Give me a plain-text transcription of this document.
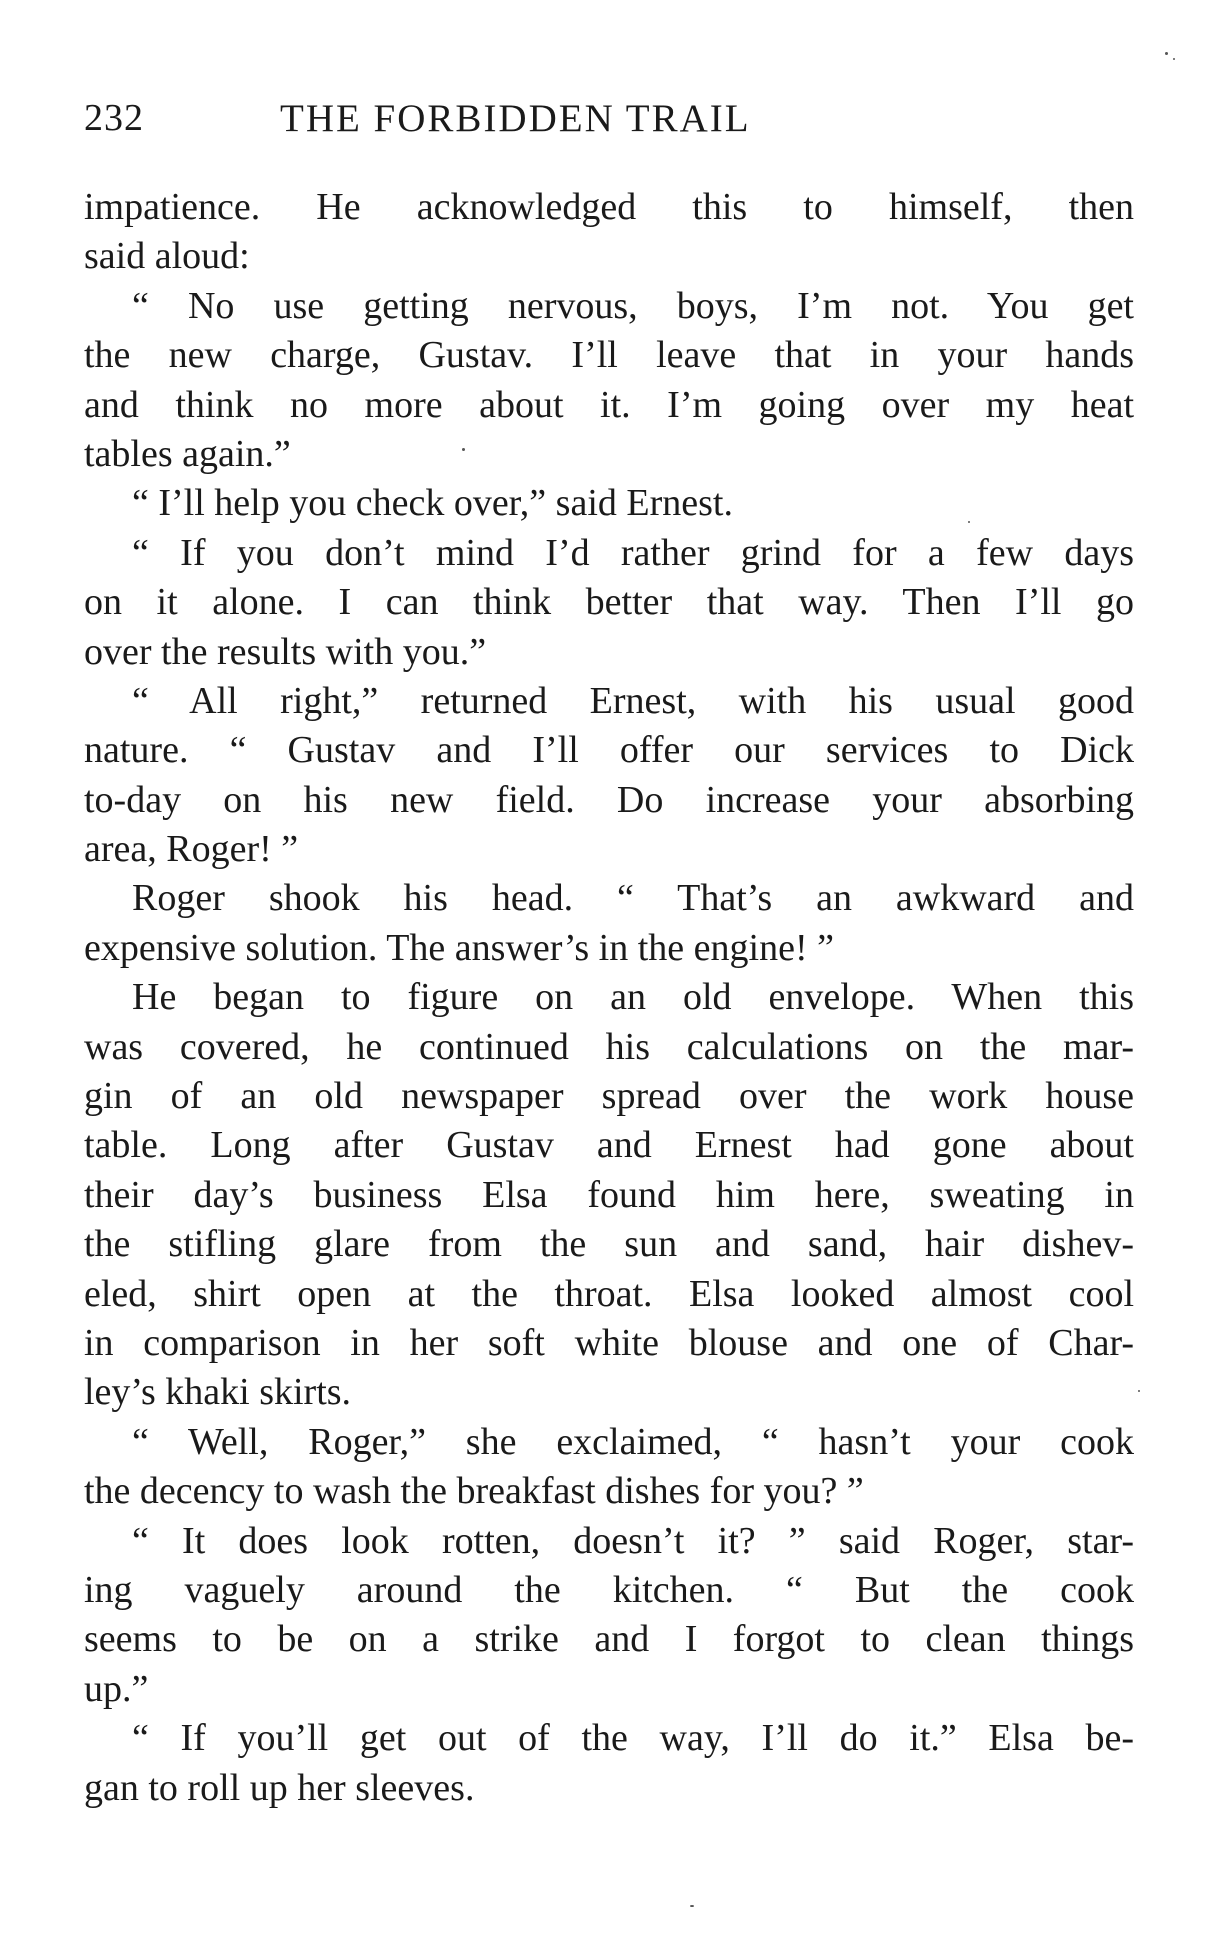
232	THE FORBIDDEN TRAIL
impatience. He acknowledged this to himself, then
said aloud:
“ No use getting nervous, boys, I’m not. You get
the new charge, Gustav. I’ll leave that in your hands
and think no more about it. I’m going over my heat
tables again.”
“ I’ll help you check over,” said Ernest.
“ If you don’t mind I’d rather grind for a few days
on it alone. I can think better that way. Then I’ll go
over the results with you.”
“ All right,” returned Ernest, with his usual good
nature. “ Gustav and I’ll offer our services to Dick
to-day on his new field. Do increase your absorbing
area, Roger! ”
Roger shook his head. “ That’s an awkward and
expensive solution. The answer’s in the engine! ”
He began to figure on an old envelope. When this
was covered, he continued his calculations on the mar-
gin of an old newspaper spread over the work house
table. Long after Gustav and Ernest had gone about
their day’s business Elsa found him here, sweating in
the stifling glare from the sun and sand, hair dishev-
eled, shirt open at the throat. Elsa looked almost cool
in comparison in her soft white blouse and one of Char-
ley’s khaki skirts.
“ Well, Roger,” she exclaimed, “ hasn’t your cook
the decency to wash the breakfast dishes for you? ”
“ It does look rotten, doesn’t it? ” said Roger, star-
ing vaguely around the kitchen. “ But the cook
seems to be on a strike and I forgot to clean things
up.”
“ If you’ll get out of the way, I’ll do it.” Elsa be-
gan to roll up her sleeves.
